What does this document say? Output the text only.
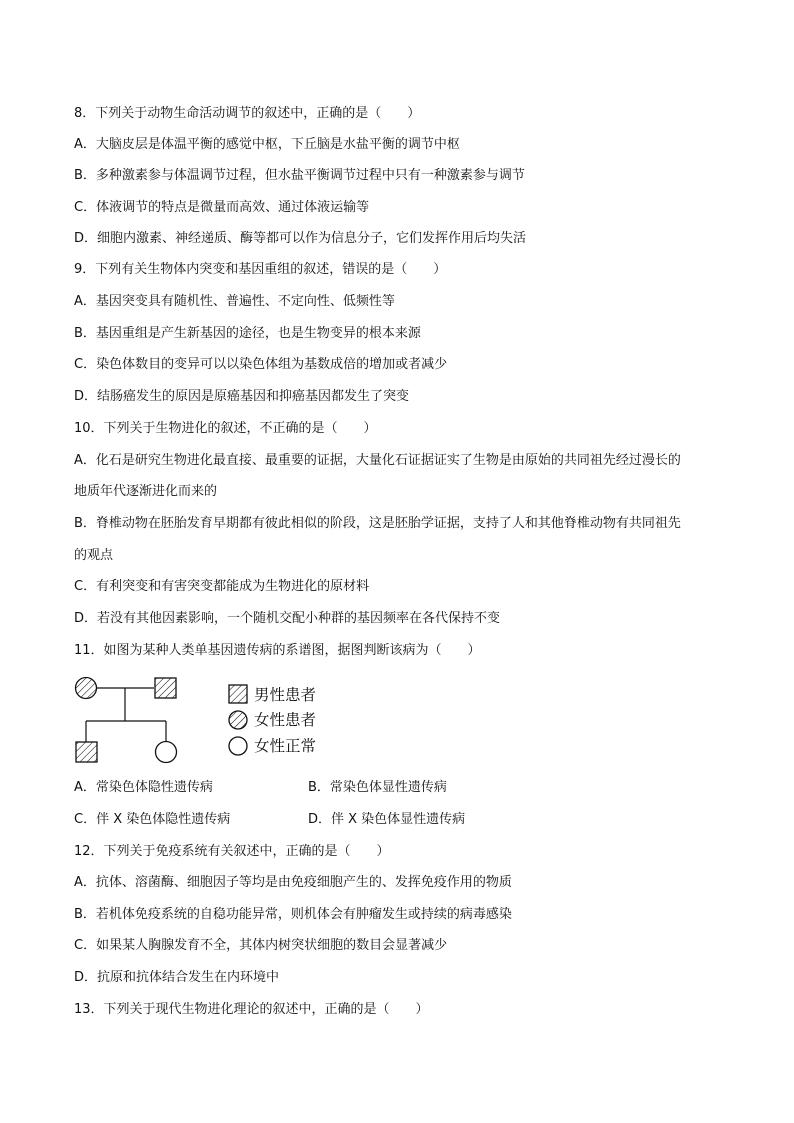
8．下列关于动物生命活动调节的叙述中，正确的是（　　）
A．大脑皮层是体温平衡的感觉中枢，下丘脑是水盐平衡的调节中枢
B．多种激素参与体温调节过程，但水盐平衡调节过程中只有一种激素参与调节
C．体液调节的特点是微量而高效、通过体液运输等
D．细胞内激素、神经递质、酶等都可以作为信息分子，它们发挥作用后均失活
9．下列有关生物体内突变和基因重组的叙述，错误的是（　　）
A．基因突变具有随机性、普遍性、不定向性、低频性等
B．基因重组是产生新基因的途径，也是生物变异的根本来源
C．染色体数目的变异可以以染色体组为基数成倍的增加或者减少
D．结肠癌发生的原因是原癌基因和抑癌基因都发生了突变
10．下列关于生物进化的叙述，不正确的是（　　）
A．化石是研究生物进化最直接、最重要的证据，大量化石证据证实了生物是由原始的共同祖先经过漫长的
地质年代逐渐进化而来的
B．脊椎动物在胚胎发育早期都有彼此相似的阶段，这是胚胎学证据，支持了人和其他脊椎动物有共同祖先
的观点
C．有利突变和有害突变都能成为生物进化的原材料
D．若没有其他因素影响，一个随机交配小种群的基因频率在各代保持不变
11．如图为某种人类单基因遗传病的系谱图，据图判断该病为（　　）
男性患者
女性患者
女性正常
A．常染色体隐性遗传病	B．常染色体显性遗传病
C．伴 X 染色体隐性遗传病	D．伴 X 染色体显性遗传病
12．下列关于免疫系统有关叙述中，正确的是（　　）
A．抗体、溶菌酶、细胞因子等均是由免疫细胞产生的、发挥免疫作用的物质
B．若机体免疫系统的自稳功能异常，则机体会有肿瘤发生或持续的病毒感染
C．如果某人胸腺发育不全，其体内树突状细胞的数目会显著减少
D．抗原和抗体结合发生在内环境中
13．下列关于现代生物进化理论的叙述中，正确的是（　　）
